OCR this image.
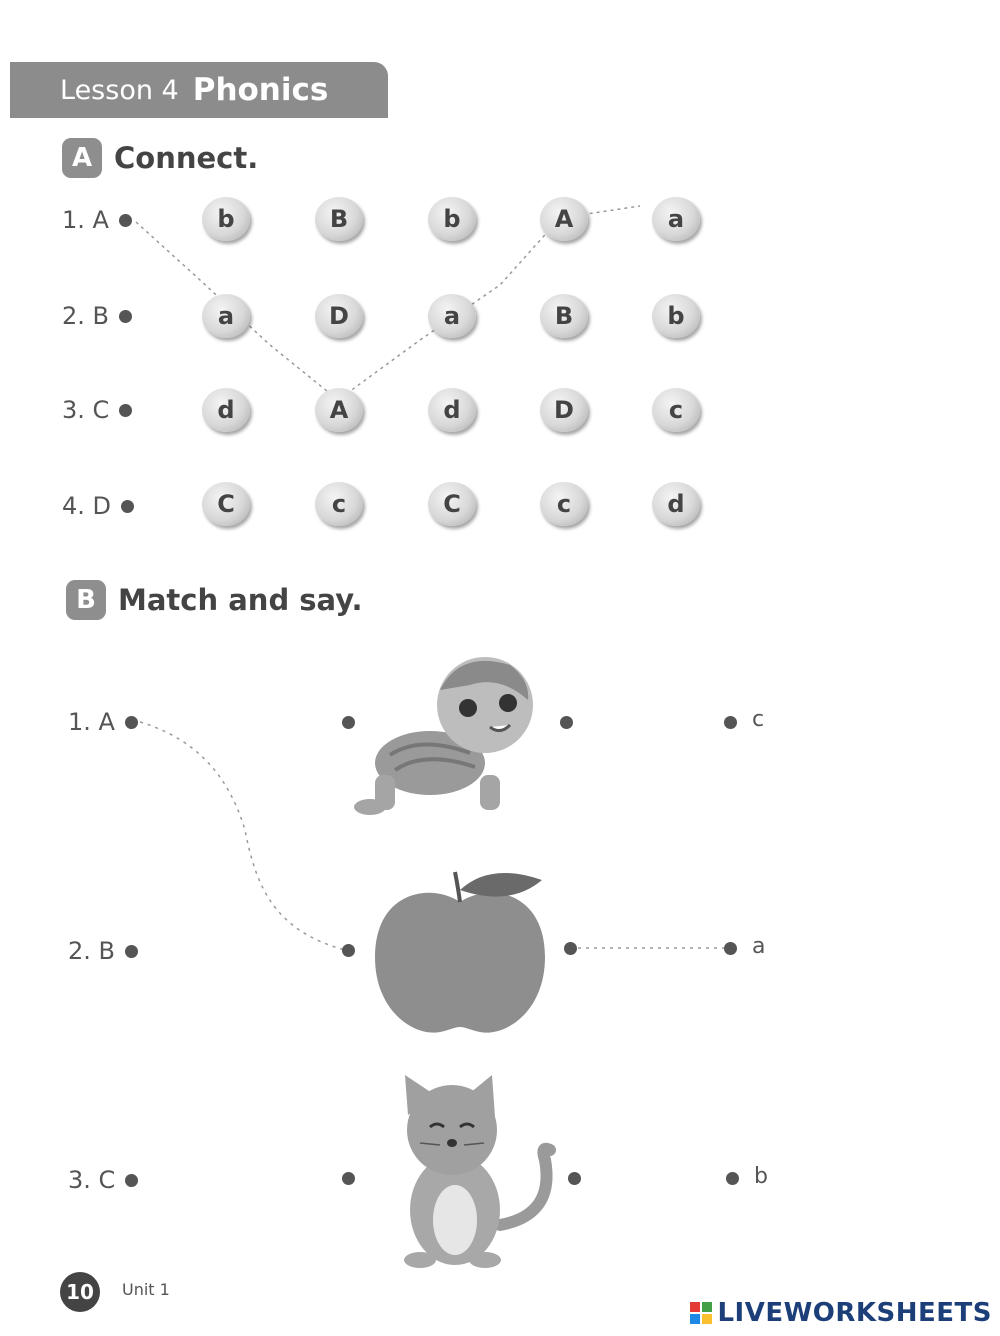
Lesson 4 Phonics
A Connect.
1. A	b	B	b	A	a
2. B	a	D	a	B	b
3. C	d	A	d	D	c
4. D	C	c	C	c	d
B Match and say.
1. A	c
2. B	a
3. C	b
10	Unit 1
LIVEWORKSHEETS
